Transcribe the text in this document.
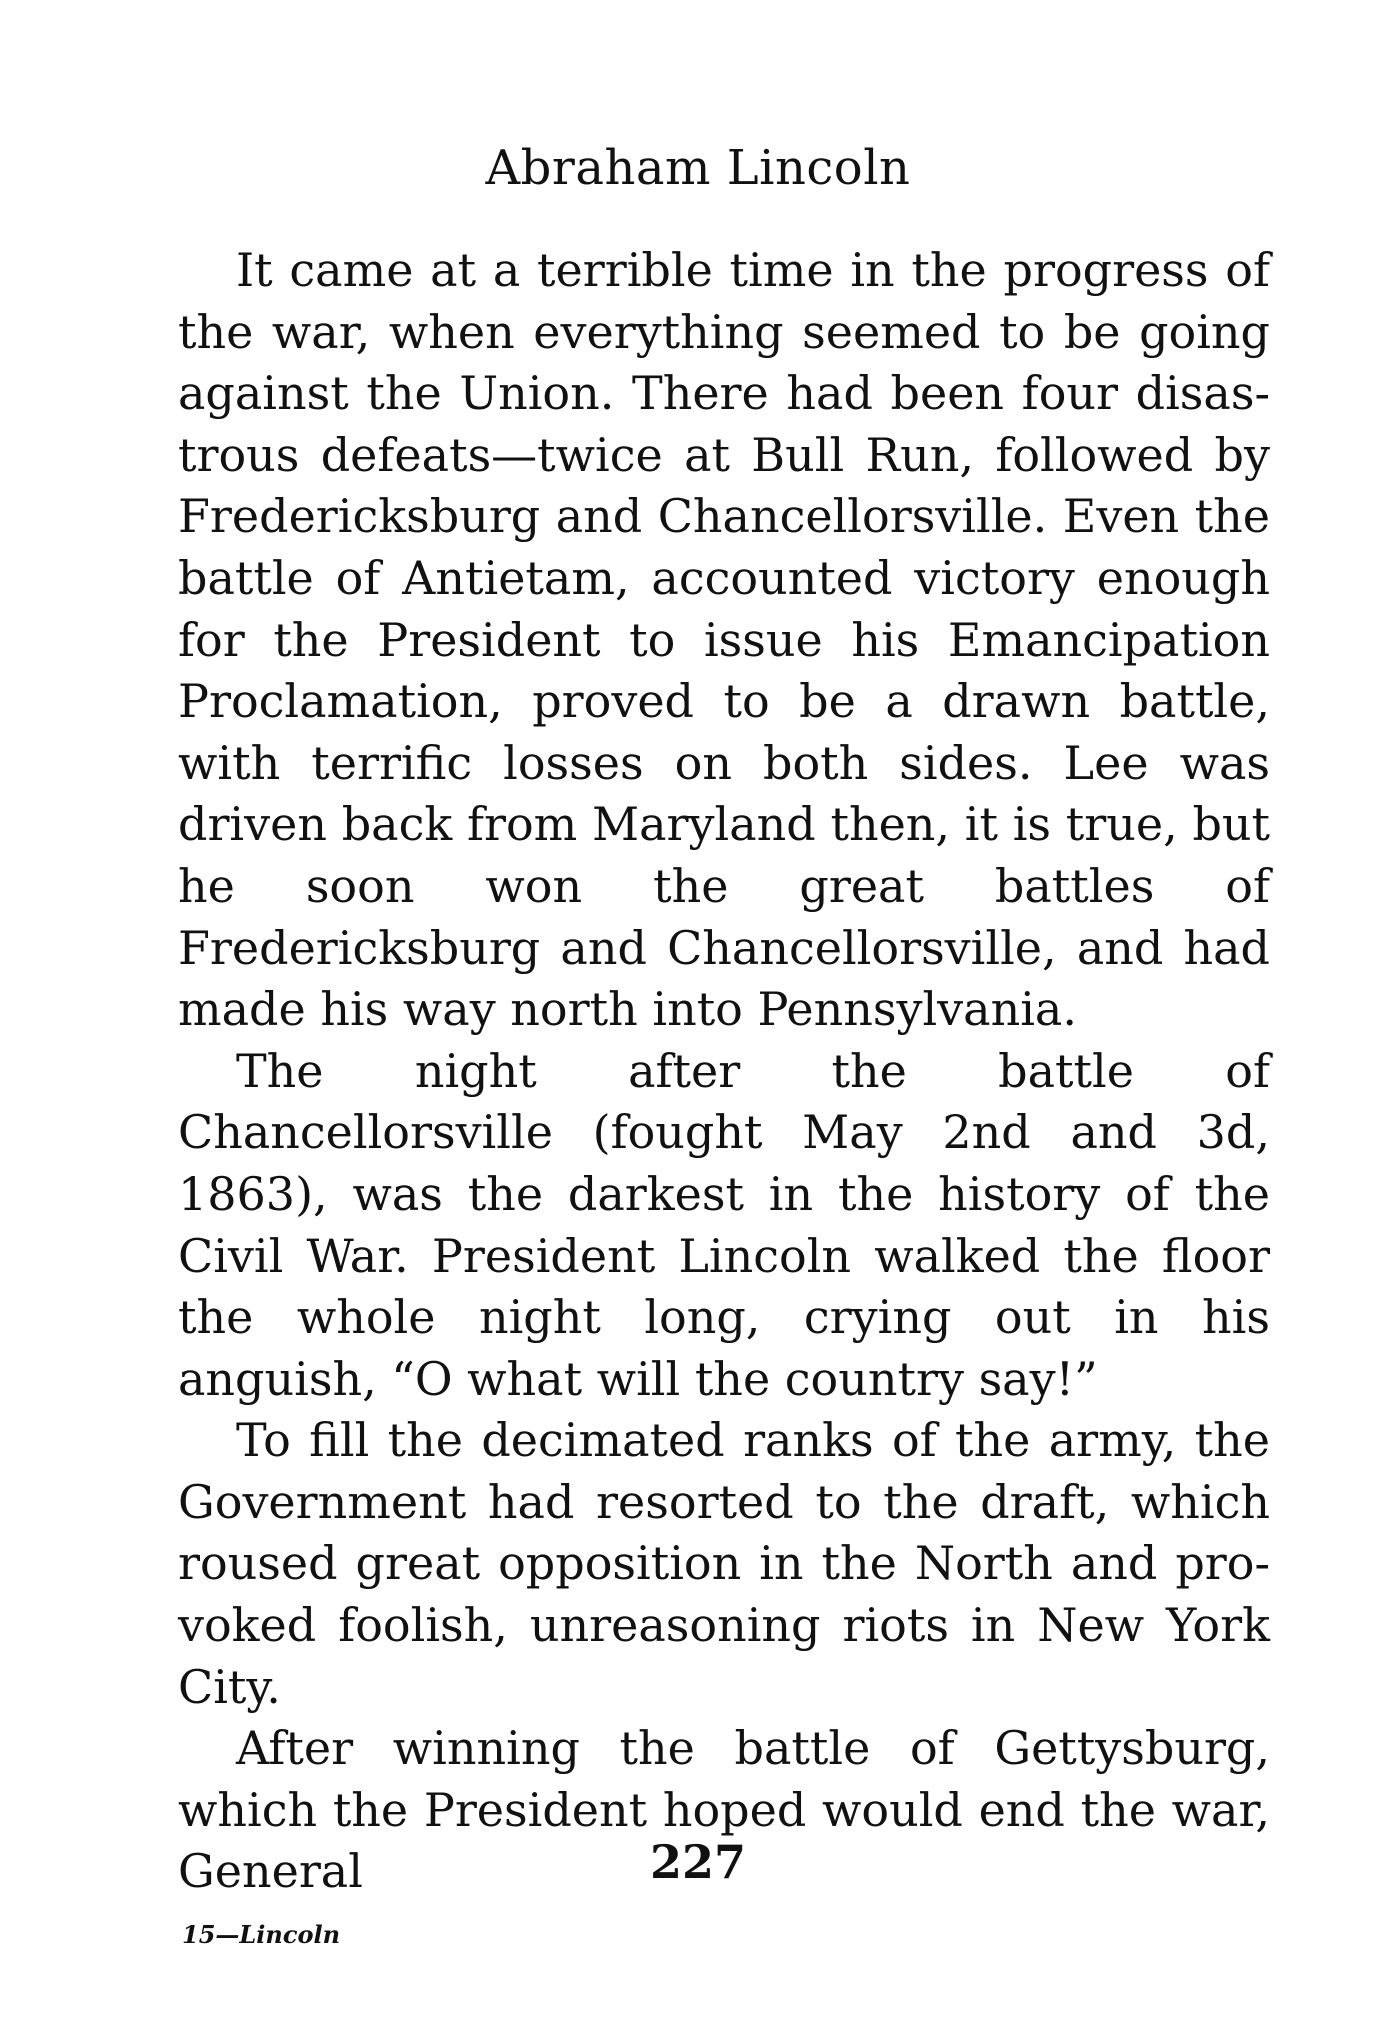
Abraham Lincoln

It came at a terrible time in the progress of the war, when everything seemed to be going against the Union. There had been four disastrous defeats—twice at Bull Run, followed by Fredericksburg and Chancellorsville. Even the battle of Antietam, accounted victory enough for the President to issue his Emancipation Proclamation, proved to be a drawn battle, with terrific losses on both sides. Lee was driven back from Maryland then, it is true, but he soon won the great battles of Fredericksburg and Chancellorsville, and had made his way north into Pennsylvania.

The night after the battle of Chancellorsville (fought May 2nd and 3d, 1863), was the darkest in the history of the Civil War. President Lincoln walked the floor the whole night long, crying out in his anguish, “O what will the country say!”

To fill the decimated ranks of the army, the Government had resorted to the draft, which roused great opposition in the North and provoked foolish, unreasoning riots in New York City.

After winning the battle of Gettysburg, which the President hoped would end the war, General	227
15—Lincoln
